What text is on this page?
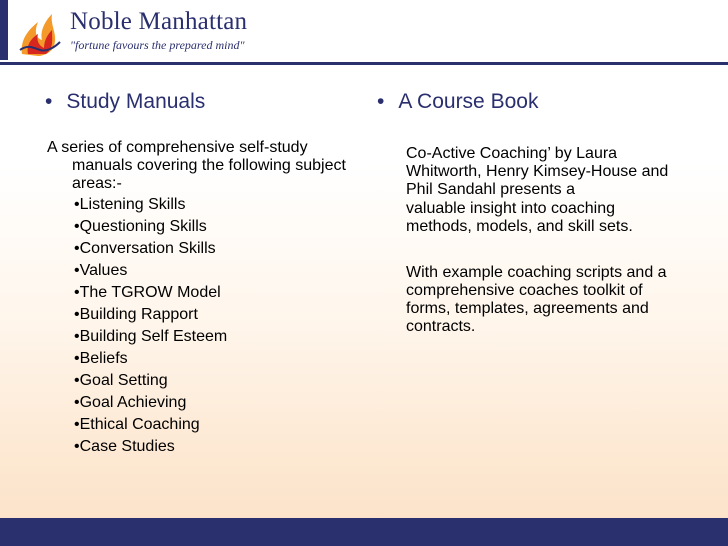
Noble Manhattan
"fortune favours the prepared mind"
• Study Manuals
A series of comprehensive self-study manuals covering the following subject areas:-
• Listening Skills
• Questioning Skills
• Conversation Skills
• Values
• The TGROW Model
• Building Rapport
• Building Self Esteem
• Beliefs
• Goal Setting
• Goal Achieving
• Ethical Coaching
• Case Studies
• A Course Book
Co-Active Coaching’ by Laura Whitworth, Henry Kimsey-House and Phil Sandahl presents a
valuable insight into coaching methods, models, and skill sets.
With example coaching scripts and a comprehensive coaches toolkit of forms, templates, agreements and contracts.
